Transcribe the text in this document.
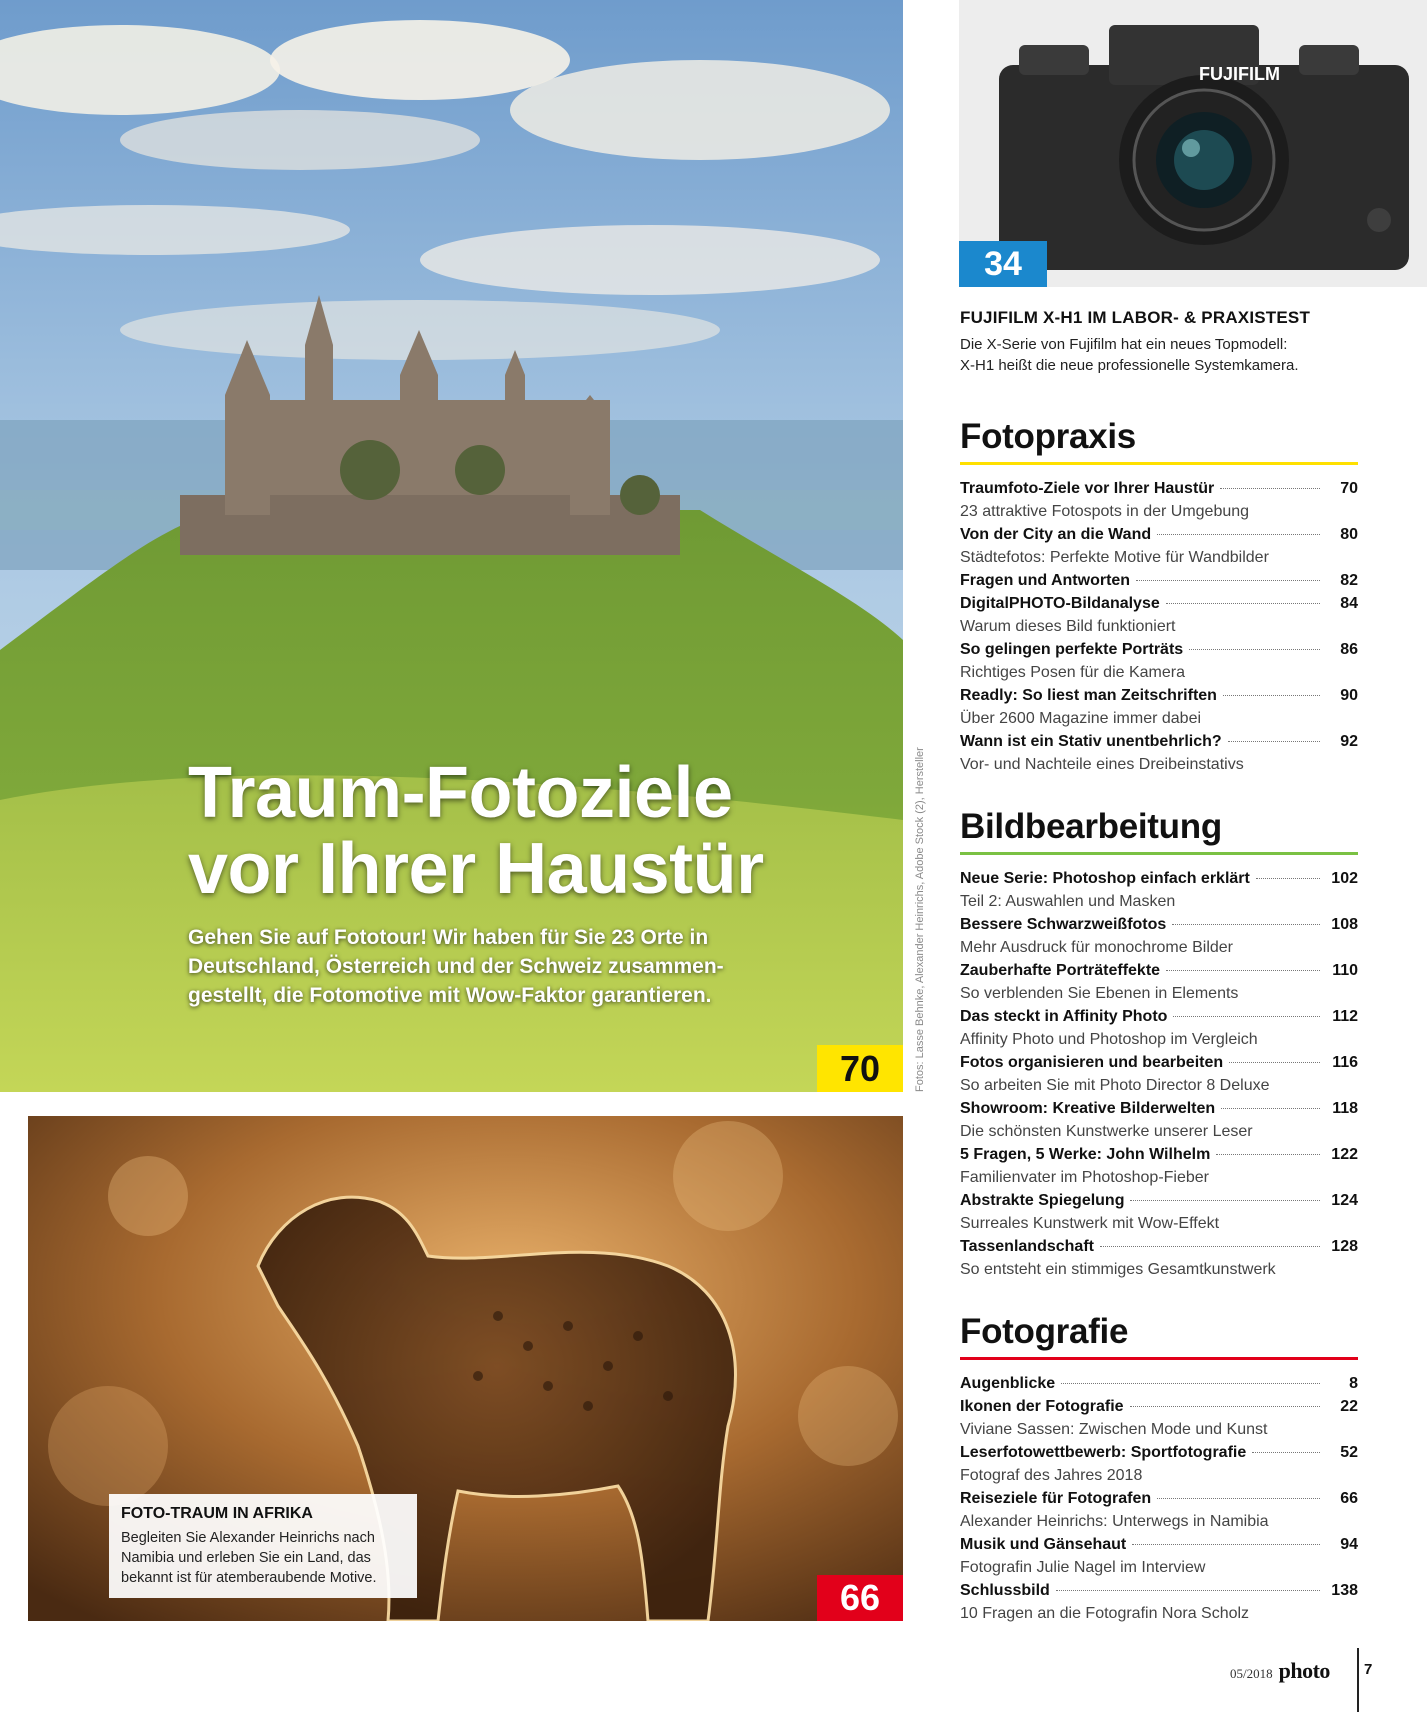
Traum-Fotoziele
vor Ihrer Haustür
Gehen Sie auf Fototour! Wir haben für Sie 23 Orte in
Deutschland, Österreich und der Schweiz zusammen-
gestellt, die Fotomotive mit Wow-Faktor garantieren.
70	Fotos: Lasse Behnke, Alexander Heinrichs, Adobe Stock (2), Hersteller
FOTO-TRAUM IN AFRIKA
Begleiten Sie Alexander Heinrichs nach
Namibia und erleben Sie ein Land, das
bekannt ist für atemberaubende Motive.	66
FUJIFILM
34
FUJIFILM X-H1 IM LABOR- & PRAXISTEST
Die X-Serie von Fujifilm hat ein neues Topmodell:
X-H1 heißt die neue professionelle Systemkamera.
Fotopraxis
Traumfoto-Ziele vor Ihrer Haustür	70
23 attraktive Fotospots in der Umgebung
Von der City an die Wand	80
Städtefotos: Perfekte Motive für Wandbilder
Fragen und Antworten	82
DigitalPHOTO-Bildanalyse	84
Warum dieses Bild funktioniert
So gelingen perfekte Porträts	86
Richtiges Posen für die Kamera
Readly: So liest man Zeitschriften	90
Über 2600 Magazine immer dabei
Wann ist ein Stativ unentbehrlich?	92
Vor- und Nachteile eines Dreibeinstativs
Bildbearbeitung
Neue Serie: Photoshop einfach erklärt	102
Teil 2: Auswahlen und Masken
Bessere Schwarzweißfotos	108
Mehr Ausdruck für monochrome Bilder
Zauberhafte Porträteffekte	110
So verblenden Sie Ebenen in Elements
Das steckt in Affinity Photo	112
Affinity Photo und Photoshop im Vergleich
Fotos organisieren und bearbeiten	116
So arbeiten Sie mit Photo Director 8 Deluxe
Showroom: Kreative Bilderwelten	118
Die schönsten Kunstwerke unserer Leser
5 Fragen, 5 Werke: John Wilhelm	122
Familienvater im Photoshop-Fieber
Abstrakte Spiegelung	124
Surreales Kunstwerk mit Wow-Effekt
Tassenlandschaft	128
So entsteht ein stimmiges Gesamtkunstwerk
Fotografie
Augenblicke	8
Ikonen der Fotografie	22
Viviane Sassen: Zwischen Mode und Kunst
Leserfotowettbewerb: Sportfotografie	52
Fotograf des Jahres 2018
Reiseziele für Fotografen	66
Alexander Heinrichs: Unterwegs in Namibia
Musik und Gänsehaut	94
Fotografin Julie Nagel im Interview
Schlussbild	138
10 Fragen an die Fotografin Nora Scholz
05/2018 photo 7
